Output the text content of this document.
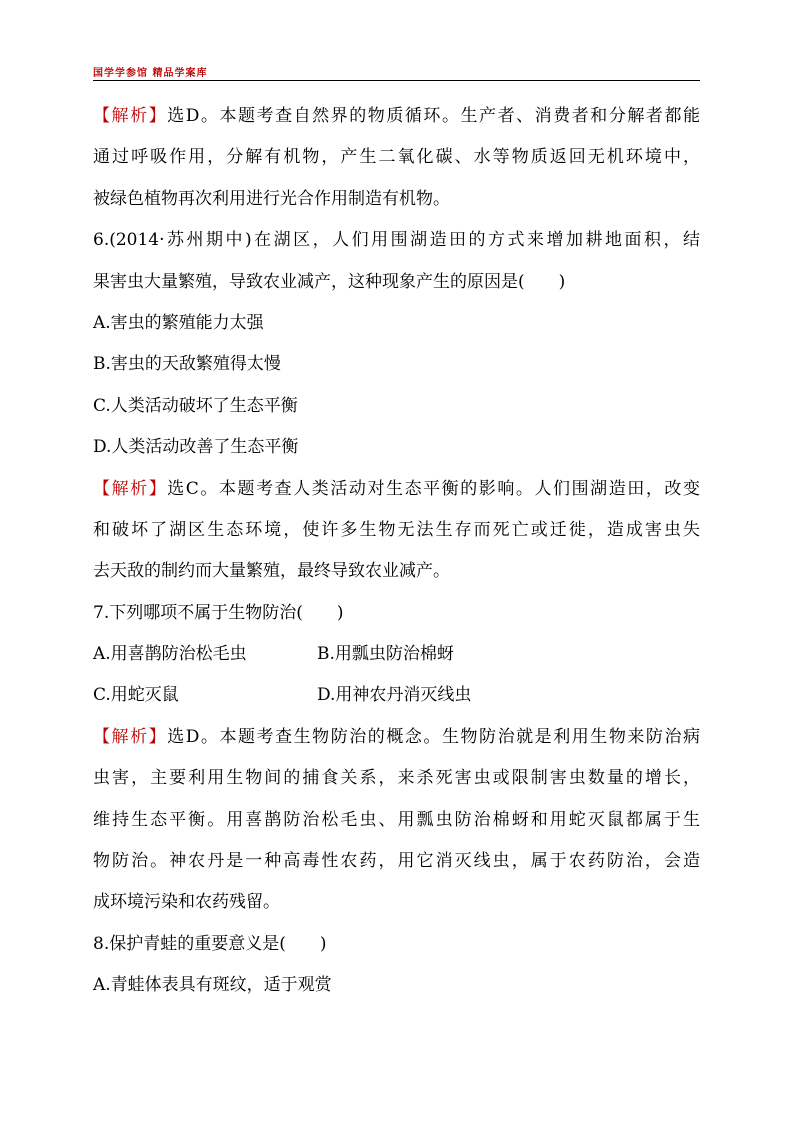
国学学参馆 精品学案库
【解析】选D。本题考查自然界的物质循环。生产者、消费者和分解者都能
通过呼吸作用，分解有机物，产生二氧化碳、水等物质返回无机环境中，
被绿色植物再次利用进行光合作用制造有机物。
6.(2014·苏州期中)在湖区，人们用围湖造田的方式来增加耕地面积，结
果害虫大量繁殖，导致农业减产，这种现象产生的原因是(　　)
A.害虫的繁殖能力太强
B.害虫的天敌繁殖得太慢
C.人类活动破坏了生态平衡
D.人类活动改善了生态平衡
【解析】选C。本题考查人类活动对生态平衡的影响。人们围湖造田，改变
和破坏了湖区生态环境，使许多生物无法生存而死亡或迁徙，造成害虫失
去天敌的制约而大量繁殖，最终导致农业减产。
7.下列哪项不属于生物防治(　　)
A.用喜鹊防治松毛虫	B.用瓢虫防治棉蚜
C.用蛇灭鼠	D.用神农丹消灭线虫
【解析】选D。本题考查生物防治的概念。生物防治就是利用生物来防治病
虫害，主要利用生物间的捕食关系，来杀死害虫或限制害虫数量的增长，
维持生态平衡。用喜鹊防治松毛虫、用瓢虫防治棉蚜和用蛇灭鼠都属于生
物防治。神农丹是一种高毒性农药，用它消灭线虫，属于农药防治，会造
成环境污染和农药残留。
8.保护青蛙的重要意义是(　　)
A.青蛙体表具有斑纹，适于观赏
